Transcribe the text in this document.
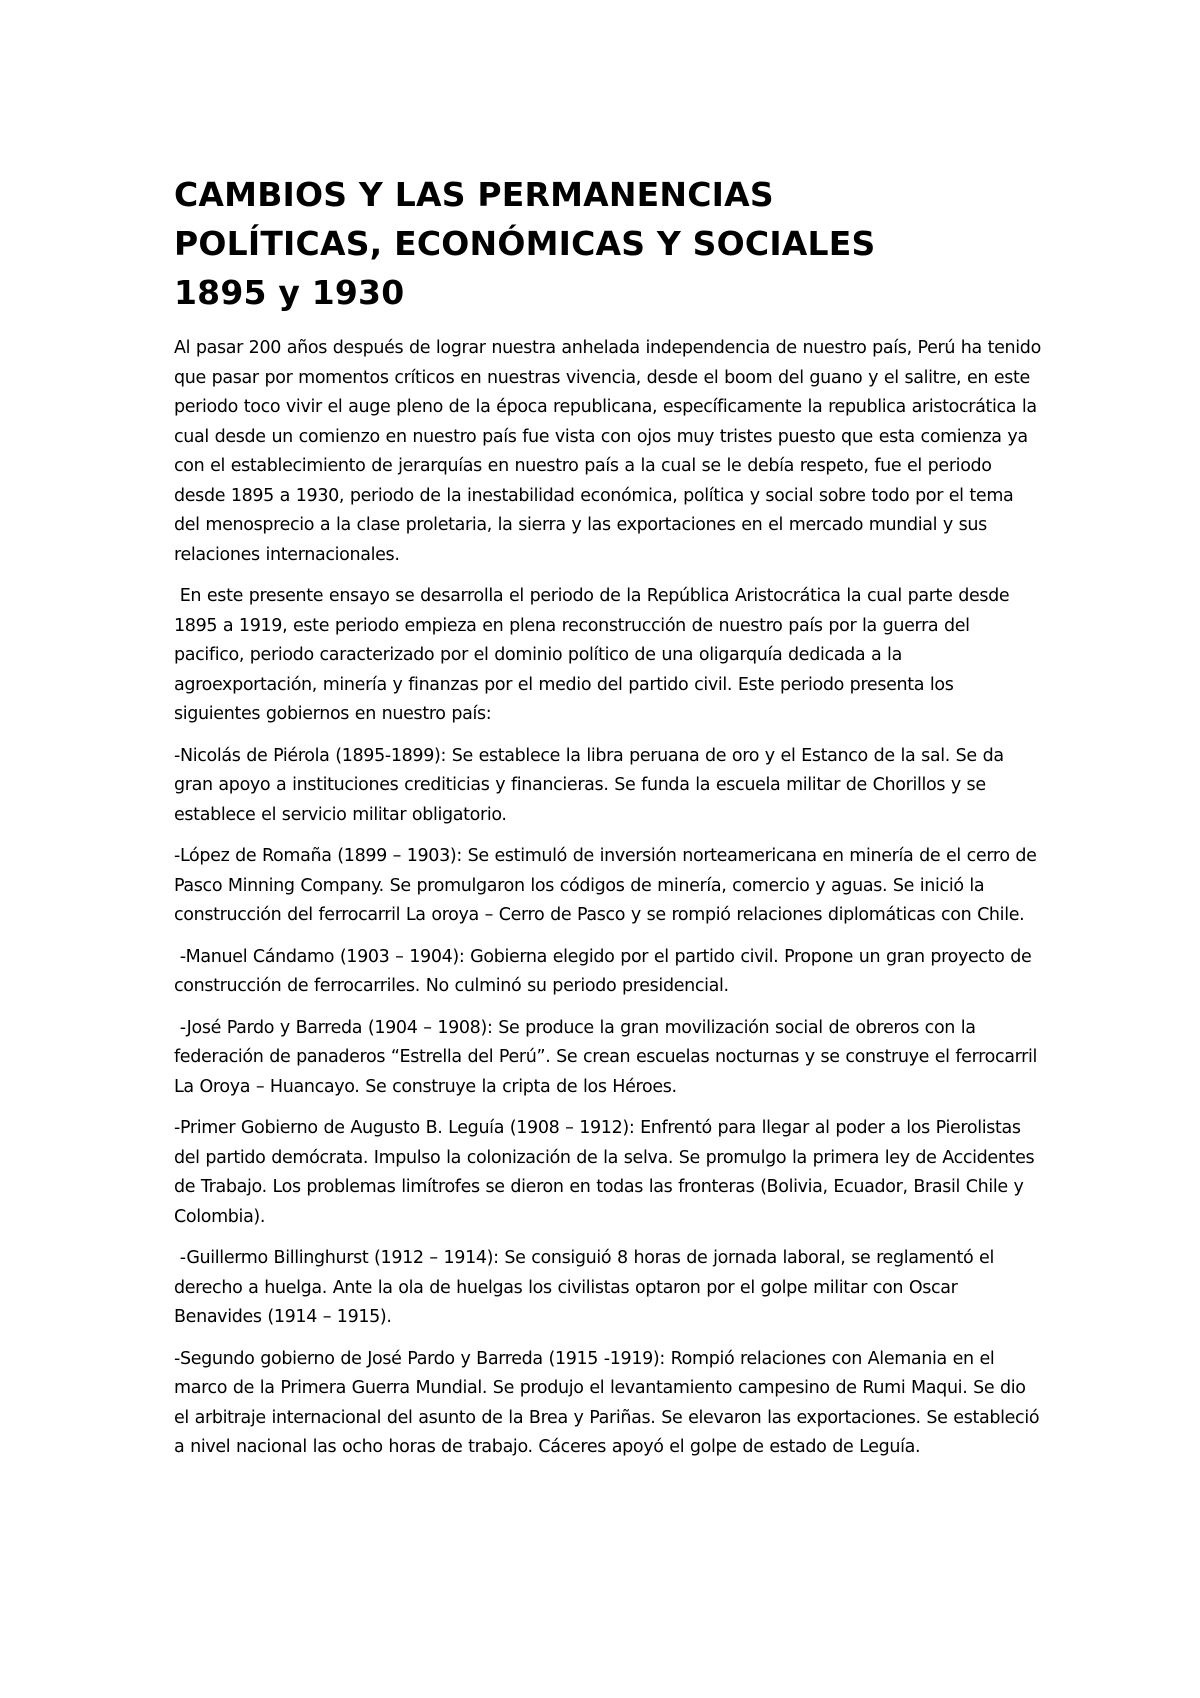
CAMBIOS Y LAS PERMANENCIAS
POLÍTICAS, ECONÓMICAS Y SOCIALES
1895 y 1930

Al pasar 200 años después de lograr nuestra anhelada independencia de nuestro país, Perú ha tenido que pasar por momentos críticos en nuestras vivencia, desde el boom del guano y el salitre, en este periodo toco vivir el auge pleno de la época republicana, específicamente la republica aristocrática la cual desde un comienzo en nuestro país fue vista con ojos muy tristes puesto que esta comienza ya con el establecimiento de jerarquías en nuestro país a la cual se le debía respeto, fue el periodo desde 1895 a 1930, periodo de la inestabilidad económica, política y social sobre todo por el tema del menosprecio a la clase proletaria, la sierra y las exportaciones en el mercado mundial y sus relaciones internacionales.

En este presente ensayo se desarrolla el periodo de la República Aristocrática la cual parte desde 1895 a 1919, este periodo empieza en plena reconstrucción de nuestro país por la guerra del pacifico, periodo caracterizado por el dominio político de una oligarquía dedicada a la agroexportación, minería y finanzas por el medio del partido civil. Este periodo presenta los siguientes gobiernos en nuestro país:

-Nicolás de Piérola (1895-1899): Se establece la libra peruana de oro y el Estanco de la sal. Se da gran apoyo a instituciones crediticias y financieras. Se funda la escuela militar de Chorillos y se establece el servicio militar obligatorio.

-López de Romaña (1899 – 1903): Se estimuló de inversión norteamericana en minería de el cerro de Pasco Minning Company. Se promulgaron los códigos de minería, comercio y aguas. Se inició la construcción del ferrocarril La oroya – Cerro de Pasco y se rompió relaciones diplomáticas con Chile.

-Manuel Cándamo (1903 – 1904): Gobierna elegido por el partido civil. Propone un gran proyecto de construcción de ferrocarriles. No culminó su periodo presidencial.

-José Pardo y Barreda (1904 – 1908): Se produce la gran movilización social de obreros con la federación de panaderos “Estrella del Perú”. Se crean escuelas nocturnas y se construye el ferrocarril La Oroya – Huancayo. Se construye la cripta de los Héroes.

-Primer Gobierno de Augusto B. Leguía (1908 – 1912): Enfrentó para llegar al poder a los Pierolistas del partido demócrata. Impulso la colonización de la selva. Se promulgo la primera ley de Accidentes de Trabajo. Los problemas limítrofes se dieron en todas las fronteras (Bolivia, Ecuador, Brasil Chile y Colombia).

-Guillermo Billinghurst (1912 – 1914): Se consiguió 8 horas de jornada laboral, se reglamentó el derecho a huelga. Ante la ola de huelgas los civilistas optaron por el golpe militar con Oscar Benavides (1914 – 1915).

-Segundo gobierno de José Pardo y Barreda (1915 -1919): Rompió relaciones con Alemania en el marco de la Primera Guerra Mundial. Se produjo el levantamiento campesino de Rumi Maqui. Se dio el arbitraje internacional del asunto de la Brea y Pariñas. Se elevaron las exportaciones. Se estableció a nivel nacional las ocho horas de trabajo. Cáceres apoyó el golpe de estado de Leguía.
